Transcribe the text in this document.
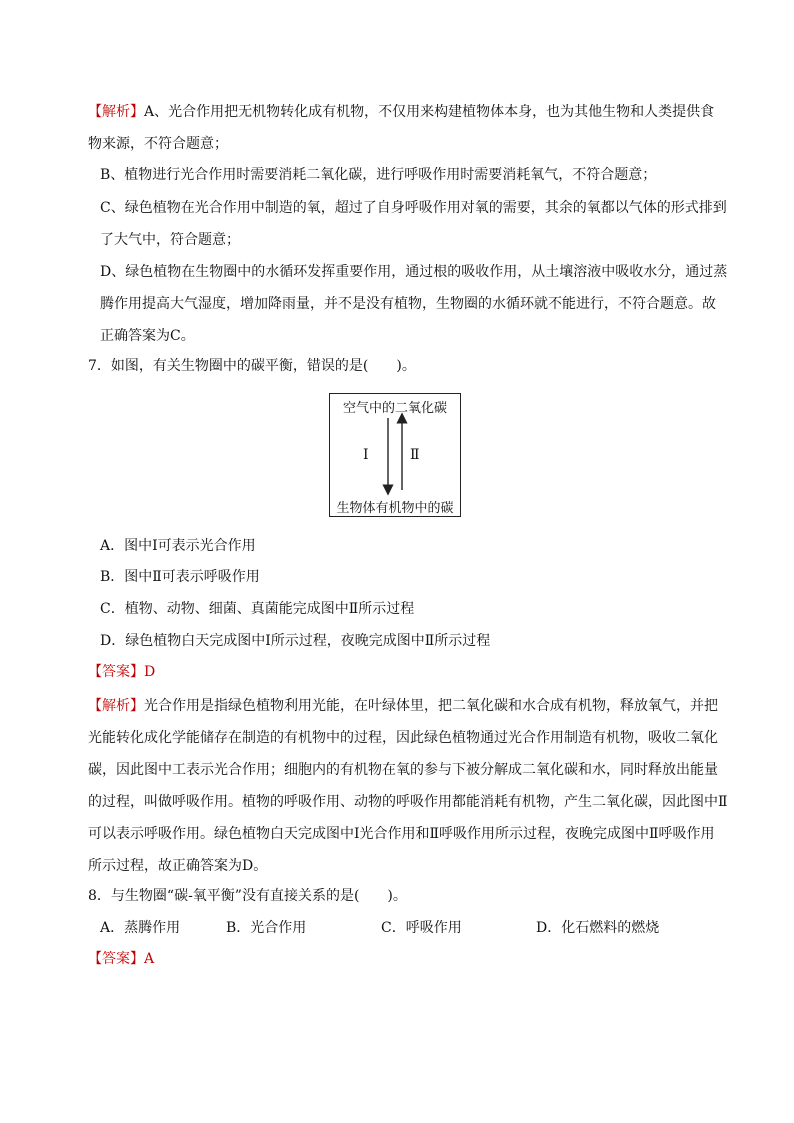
【解析】A、光合作用把无机物转化成有机物，不仅用来构建植物体本身，也为其他生物和人类提供食物来源，不符合题意；
B、植物进行光合作用时需要消耗二氧化碳，进行呼吸作用时需要消耗氧气，不符合题意；
C、绿色植物在光合作用中制造的氧，超过了自身呼吸作用对氧的需要，其余的氧都以气体的形式排到了大气中，符合题意；
D、绿色植物在生物圈中的水循环发挥重要作用，通过根的吸收作用，从土壤溶液中吸收水分，通过蒸腾作用提高大气湿度，增加降雨量，并不是没有植物，生物圈的水循环就不能进行，不符合题意。故正确答案为C。
7．如图，有关生物圈中的碳平衡，错误的是(　　)。
空气中的二氧化碳
Ⅰ	Ⅱ
生物体有机物中的碳
A．图中Ⅰ可表示光合作用
B．图中Ⅱ可表示呼吸作用
C．植物、动物、细菌、真菌能完成图中Ⅱ所示过程
D．绿色植物白天完成图中Ⅰ所示过程，夜晚完成图中Ⅱ所示过程
【答案】D
【解析】光合作用是指绿色植物利用光能，在叶绿体里，把二氧化碳和水合成有机物，释放氧气，并把光能转化成化学能储存在制造的有机物中的过程，因此绿色植物通过光合作用制造有机物，吸收二氧化碳，因此图中工表示光合作用；细胞内的有机物在氧的参与下被分解成二氧化碳和水，同时释放出能量的过程，叫做呼吸作用。植物的呼吸作用、动物的呼吸作用都能消耗有机物，产生二氧化碳，因此图中Ⅱ可以表示呼吸作用。绿色植物白天完成图中Ⅰ光合作用和Ⅱ呼吸作用所示过程，夜晚完成图中Ⅱ呼吸作用所示过程，故正确答案为D。
8．与生物圈“碳-氧平衡”没有直接关系的是(　　)。
A．蒸腾作用	B．光合作用	C．呼吸作用	D．化石燃料的燃烧
【答案】A
